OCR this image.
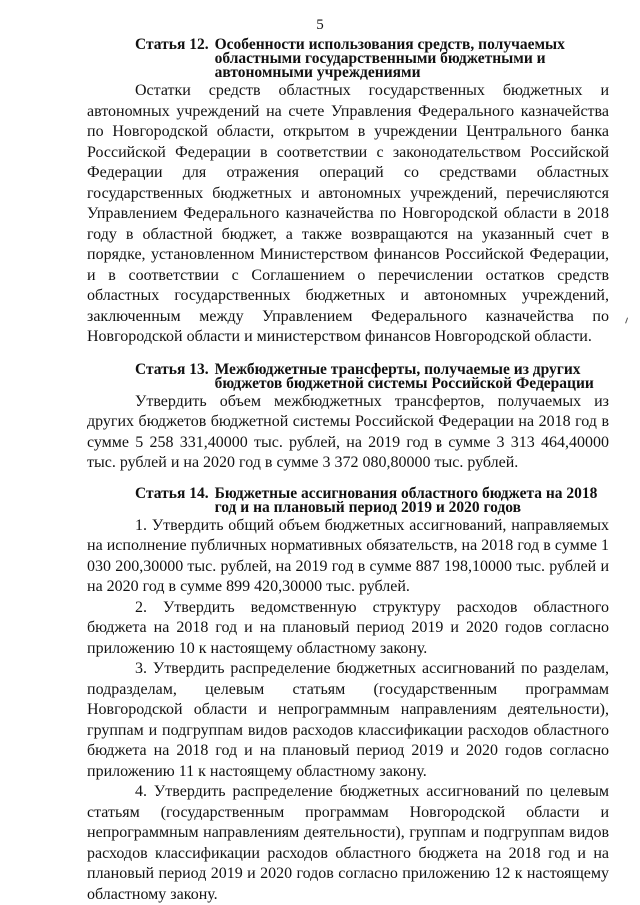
5
Статья 12. Особенности использования средств, получаемых областными государственными бюджетными и автономными учреждениями

Остатки средств областных государственных бюджетных и автономных учреждений на счете Управления Федерального казначейства по Новгородской области, открытом в учреждении Центрального банка Российской Федерации в соответствии с законодательством Российской Федерации для отражения операций со средствами областных государственных бюджетных и автономных учреждений, перечисляются Управлением Федерального казначейства по Новгородской области в 2018 году в областной бюджет, а также возвращаются на указанный счет в порядке, установленном Министерством финансов Российской Федерации, и в соответствии с Соглашением о перечислении остатков средств областных государственных бюджетных и автономных учреждений, заключенным между Управлением Федерального казначейства по Новгородской области и министерством финансов Новгородской области.

Статья 13. Межбюджетные трансферты, получаемые из других бюджетов бюджетной системы Российской Федерации

Утвердить объем межбюджетных трансфертов, получаемых из других бюджетов бюджетной системы Российской Федерации на 2018 год в сумме 5 258 331,40000 тыс. рублей, на 2019 год в сумме 3 313 464,40000 тыс. рублей и на 2020 год в сумме 3 372 080,80000 тыс. рублей.

Статья 14. Бюджетные ассигнования областного бюджета на 2018 год и на плановый период 2019 и 2020 годов

1. Утвердить общий объем бюджетных ассигнований, направляемых на исполнение публичных нормативных обязательств, на 2018 год в сумме 1 030 200,30000 тыс. рублей, на 2019 год в сумме 887 198,10000 тыс. рублей и на 2020 год в сумме 899 420,30000 тыс. рублей.

2. Утвердить ведомственную структуру расходов областного бюджета на 2018 год и на плановый период 2019 и 2020 годов согласно приложению 10 к настоящему областному закону.

3. Утвердить распределение бюджетных ассигнований по разделам, подразделам, целевым статьям (государственным программам Новгородской области и непрограммным направлениям деятельности), группам и подгруппам видов расходов классификации расходов областного бюджета на 2018 год и на плановый период 2019 и 2020 годов согласно приложению 11 к настоящему областному закону.

4. Утвердить распределение бюджетных ассигнований по целевым статьям (государственным программам Новгородской области и непрограммным направлениям деятельности), группам и подгруппам видов расходов классификации расходов областного бюджета на 2018 год и на плановый период 2019 и 2020 годов согласно приложению 12 к настоящему областному закону.
